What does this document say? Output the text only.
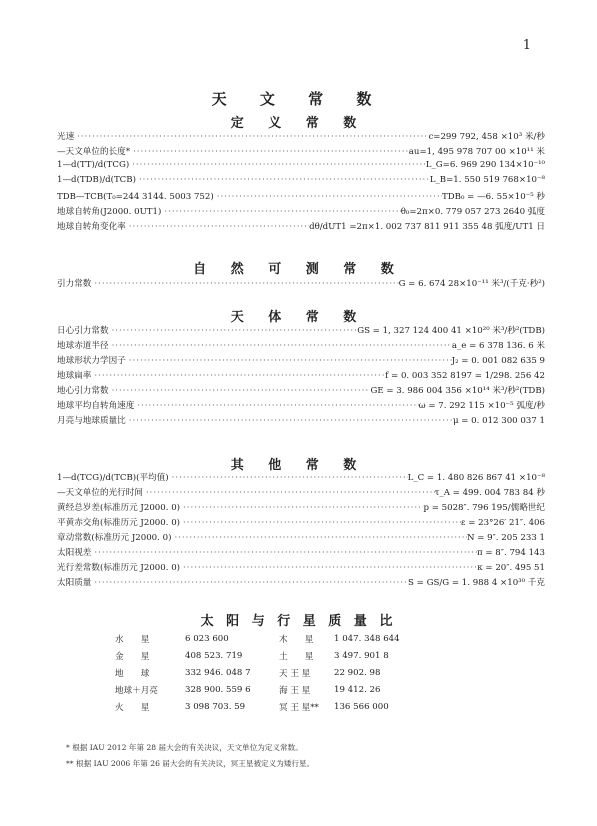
1
天 文 常 数
定 义 常 数
光速 ·····	c=299 792, 458 ×10³ 米/秒
—天文单位的长度* ·····	au=1, 495 978 707 00 ×10¹¹ 米
1—d(TT)/d(TCG) ·····	L_G=6. 969 290 134×10⁻¹⁰
1—d(TDB)/d(TCB) ·····	L_B=1. 550 519 768×10⁻⁸
TDB—TCB(T₀=244 3144. 5003 752) ·····	TDB₀ = —6. 55×10⁻⁵ 秒
地球自转角(J2000. 0UT1) ·····	θ₀=2π×0. 779 057 273 2640 弧度
地球自转角变化率 ·····	dθ/dUT1 =2π×1. 002 737 811 911 355 48 弧度/UT1 日
自 然 可 测 常 数
引力常数 ·····	G = 6. 674 28×10⁻¹¹ 米³/(千克·秒²)
天 体 常 数
日心引力常数 ·····	GS = 1, 327 124 400 41 ×10²⁰ 米³/秒²(TDB)
地球赤道半径 ·····	a_e = 6 378 136. 6 米
地球形状力学因子 ·····	J₂ = 0. 001 082 635 9
地球扁率 ·····	f = 0. 003 352 8197 = 1/298. 256 42
地心引力常数 ·····	GE = 3. 986 004 356 ×10¹⁴ 米³/秒²(TDB)
地球平均自转角速度 ·····	ω = 7. 292 115 ×10⁻⁵ 弧度/秒
月亮与地球质量比 ·····	μ = 0. 012 300 037 1
其 他 常 数
1—d(TCG)/d(TCB)(平均值) ·····	L_C = 1. 480 826 867 41 ×10⁻⁸
—天文单位的光行时间 ·····	τ_A = 499. 004 783 84 秒
黄经总岁差(标准历元 J2000. 0) ·····	p = 5028″. 796 195/儒略世纪
平黄赤交角(标准历元 J2000. 0) ·····	ε = 23°26′ 21″. 406
章动常数(标准历元 J2000. 0) ·····	N = 9″. 205 233 1
太阳视差 ·····	π = 8″. 794 143
光行差常数(标准历元 J2000. 0) ·····	κ = 20″. 495 51
太阳质量 ·····	S = GS/G = 1. 988 4 ×10³⁰ 千克
太 阳 与 行 星 质 量 比
水　　星	6 023 600	木　　星	1 047. 348 644
金　　星	408 523. 719	土　　星	3 497. 901 8
地　　球	332 946. 048 7	天 王 星	22 902. 98
地球＋月亮	328 900. 559 6	海 王 星	19 412. 26
火　　星	3 098 703. 59	冥 王 星**	136 566 000
* 根据 IAU 2012 年第 28 届大会的有关决议，天文单位为定义常数。
** 根据 IAU 2006 年第 26 届大会的有关决议，冥王星被定义为矮行星。
